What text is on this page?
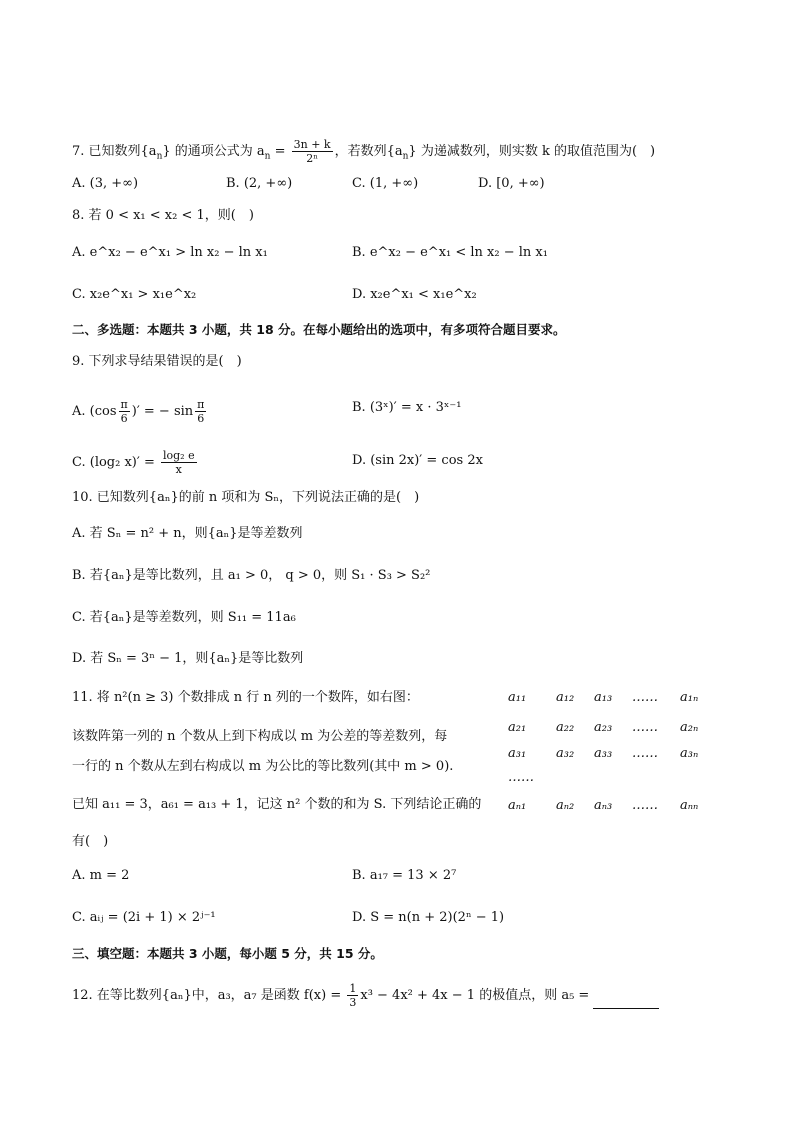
7. 已知数列$\{a_n\}$ 的通项公式为 $a_n = \frac{3n + k}{\text{2ⁿ}}$ ，若数列$\{a_n\}$ 为递减数列，则实数 k 的取值范围为(　)
A. (3, +∞)	B. (2, +∞)	C. (1, +∞)	D. [0, +∞)
8. 若 0 < x₁ < x₂ < 1，则(　)
A. e^x₂ − e^x₁ > ln x₂ − ln x₁	B. e^x₂ − e^x₁ < ln x₂ − ln x₁
C. x₂e^x₁ > x₁e^x₂	D. x₂e^x₁ < x₁e^x₂
二、多选题：本题共 3 小题，共 18 分。在每小题给出的选项中，有多项符合题目要求。
9. 下列求导结果错误的是(　)
A. ($\cos \frac{\pi}{6}$ )′ = − $\sin \frac{\pi}{6}$	B. (3ˣ)′ = x · 3ˣ⁻¹
C. (log₂ $x)' = \frac{\text{log₂ e}}{x}$	D. (sin 2x)′ = cos 2x
10. 已知数列{aₙ}的前 n 项和为 Sₙ，下列说法正确的是(　)
A. 若 Sₙ = n² + n，则{aₙ}是等差数列
B. 若{aₙ}是等比数列，且 a₁ > 0， q > 0，则 S₁ · S₃ > S₂²
C. 若{aₙ}是等差数列，则 S₁₁ = 11a₆
D. 若 Sₙ = 3ⁿ − 1，则{aₙ}是等比数列
11. 将 n²(n ≥ 3) 个数排成 n 行 n 列的一个数阵，如右图：
该数阵第一列的 n 个数从上到下构成以 m 为公差的等差数列，每
一行的 n 个数从左到右构成以 m 为公比的等比数列(其中 m > 0).
已知 a₁₁ = 3，a₆₁ = a₁₃ + 1，记这 n² 个数的和为 S. 下列结论正确的
有(　)
a₁₁ a₁₂ a₁₃ …… a₁ₙ
a₂₁ a₂₂ a₂₃ …… a₂ₙ
a₃₁ a₃₂ a₃₃ …… a₃ₙ
……
aₙ₁ aₙ₂ aₙ₃ …… aₙₙ
A. m = 2	B. a₁₇ = 13 × 2⁷
C. aᵢⱼ = (2i + 1) × 2ʲ⁻¹	D. S = n(n + 2)(2ⁿ − 1)
三、填空题：本题共 3 小题，每小题 5 分，共 15 分。
12. 在等比数列{aₙ}中，a₃，a₇ 是函数 $f(x) = \frac{1}{3} x^3 - 4x^2 + 4x - 1$ 的极值点，则 a₅ =
